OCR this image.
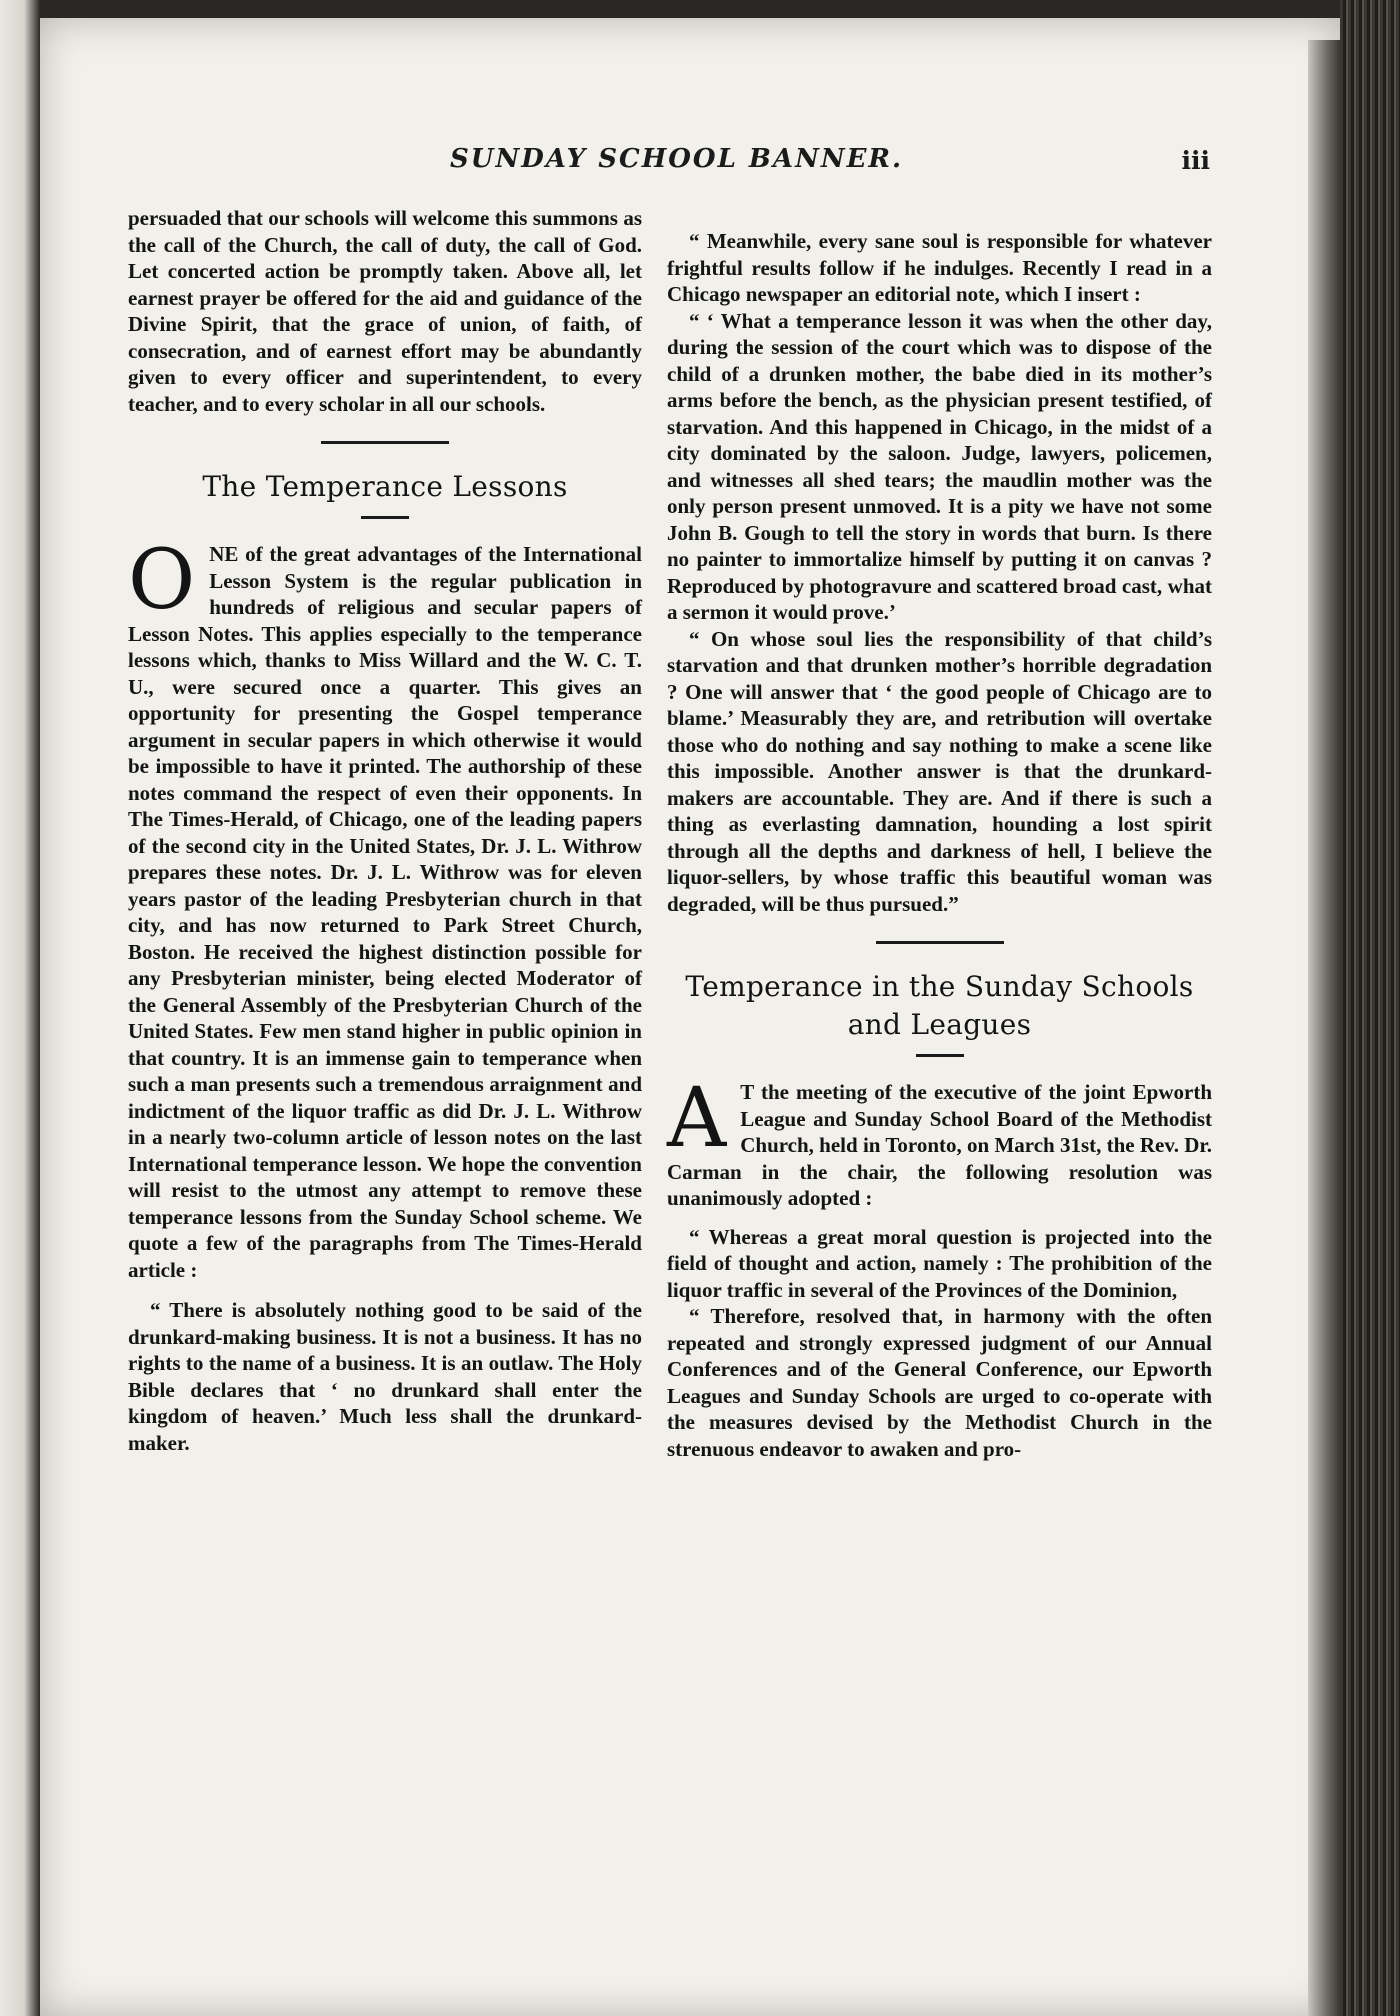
SUNDAY SCHOOL BANNER.	iii

persuaded that our schools will welcome this summons as the call of the Church, the call of duty, the call of God. Let concerted action be promptly taken. Above all, let earnest prayer be offered for the aid and guidance of the Divine Spirit, that the grace of union, of faith, of consecration, and of earnest effort may be abundantly given to every officer and superintendent, to every teacher, and to every scholar in all our schools.

The Temperance Lessons

ONE of the great advantages of the International Lesson System is the regular publication in hundreds of religious and secular papers of Lesson Notes. This applies especially to the temperance lessons which, thanks to Miss Willard and the W. C. T. U., were secured once a quarter. This gives an opportunity for presenting the Gospel temperance argument in secular papers in which otherwise it would be impossible to have it printed. The authorship of these notes command the respect of even their opponents. In The Times-Herald, of Chicago, one of the leading papers of the second city in the United States, Dr. J. L. Withrow prepares these notes. Dr. J. L. Withrow was for eleven years pastor of the leading Presbyterian church in that city, and has now returned to Park Street Church, Boston. He received the highest distinction possible for any Presbyterian minister, being elected Moderator of the General Assembly of the Presbyterian Church of the United States. Few men stand higher in public opinion in that country. It is an immense gain to temperance when such a man presents such a tremendous arraignment and indictment of the liquor traffic as did Dr. J. L. Withrow in a nearly two-column article of lesson notes on the last International temperance lesson. We hope the convention will resist to the utmost any attempt to remove these temperance lessons from the Sunday School scheme. We quote a few of the paragraphs from The Times-Herald article :

“ There is absolutely nothing good to be said of the drunkard-making business. It is not a business. It has no rights to the name of a business. It is an outlaw. The Holy Bible declares that ‘ no drunkard shall enter the kingdom of heaven.’ Much less shall the drunkard-maker.

“ Meanwhile, every sane soul is responsible for whatever frightful results follow if he indulges. Recently I read in a Chicago newspaper an editorial note, which I insert :

“ ‘ What a temperance lesson it was when the other day, during the session of the court which was to dispose of the child of a drunken mother, the babe died in its mother’s arms before the bench, as the physician present testified, of starvation. And this happened in Chicago, in the midst of a city dominated by the saloon. Judge, lawyers, policemen, and witnesses all shed tears; the maudlin mother was the only person present unmoved. It is a pity we have not some John B. Gough to tell the story in words that burn. Is there no painter to immortalize himself by putting it on canvas ? Reproduced by photogravure and scattered broad cast, what a sermon it would prove.’

“ On whose soul lies the responsibility of that child’s starvation and that drunken mother’s horrible degradation ? One will answer that ‘ the good people of Chicago are to blame.’ Measurably they are, and retribution will overtake those who do nothing and say nothing to make a scene like this impossible. Another answer is that the drunkard-makers are accountable. They are. And if there is such a thing as everlasting damnation, hounding a lost spirit through all the depths and darkness of hell, I believe the liquor-sellers, by whose traffic this beautiful woman was degraded, will be thus pursued.”

Temperance in the Sunday Schools
and Leagues

A T the meeting of the executive of the joint Epworth League and Sunday School Board of the Methodist Church, held in Toronto, on March 31st, the Rev. Dr. Carman in the chair, the following resolution was unanimously adopted :

“ Whereas a great moral question is projected into the field of thought and action, namely : The prohibition of the liquor traffic in several of the Provinces of the Dominion,

“ Therefore, resolved that, in harmony with the often repeated and strongly expressed judgment of our Annual Conferences and of the General Conference, our Epworth Leagues and Sunday Schools are urged to co-operate with the measures devised by the Methodist Church in the strenuous endeavor to awaken and pro-
